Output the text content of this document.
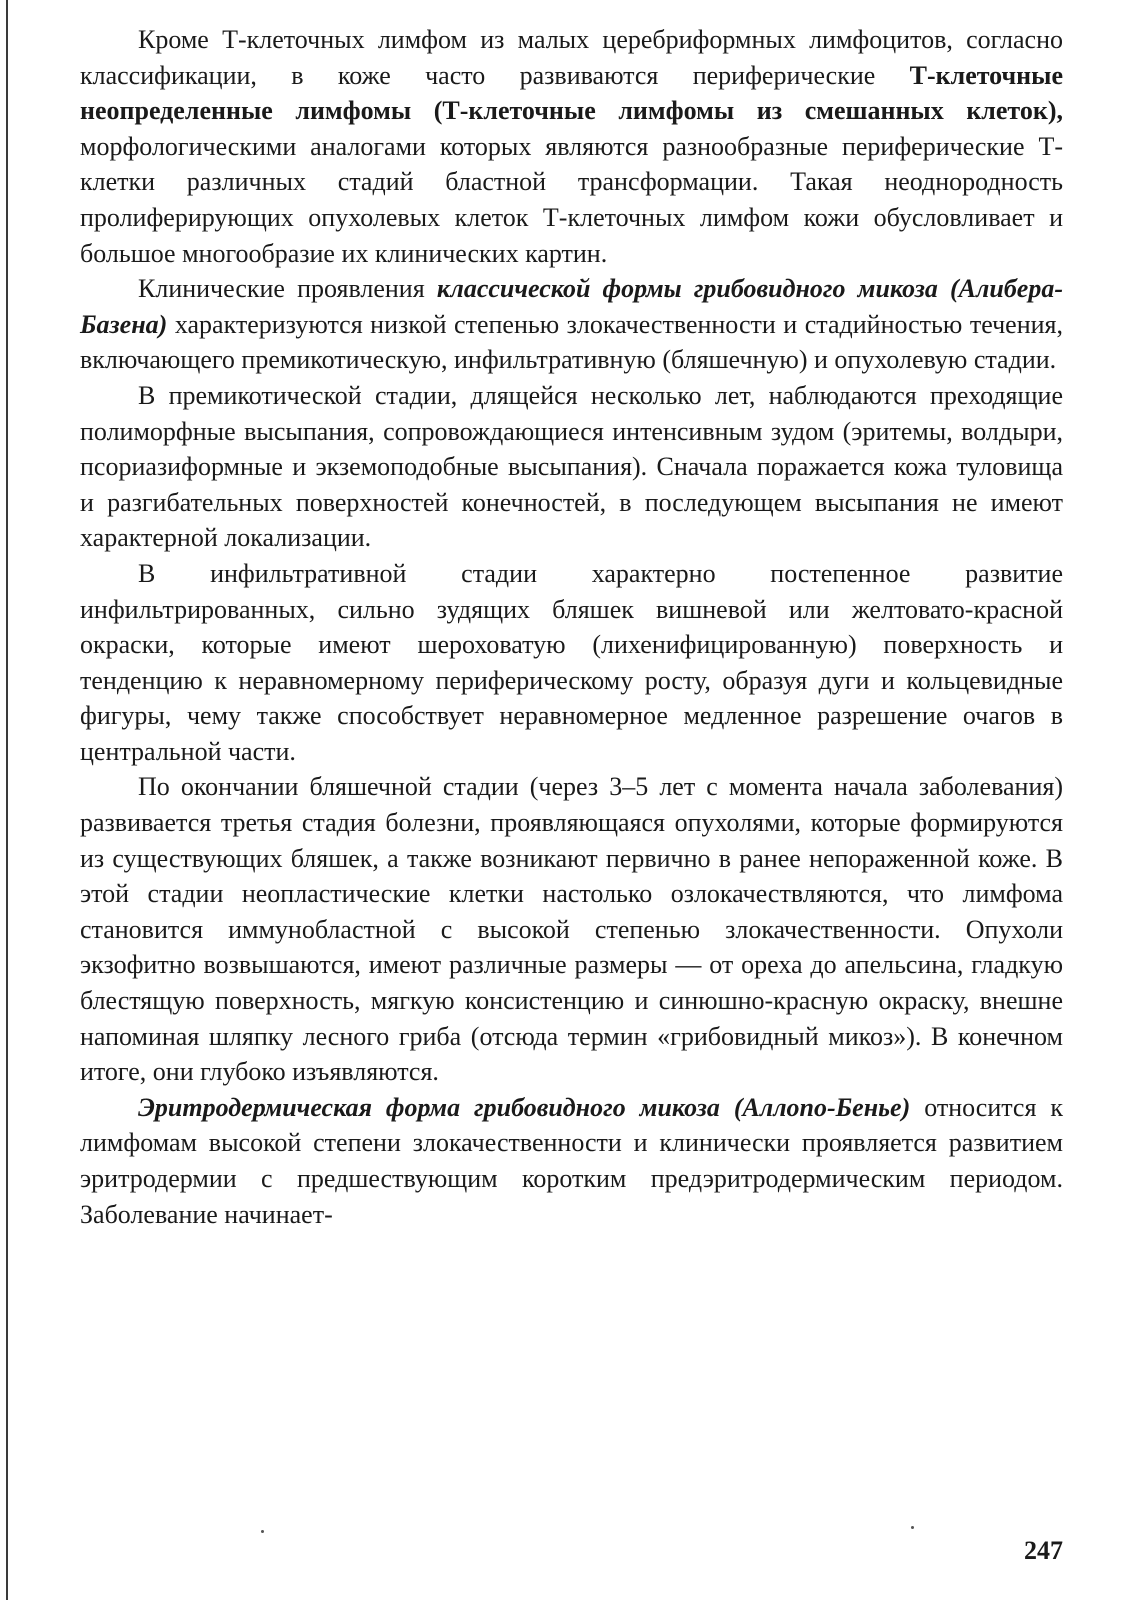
Кроме Т-клеточных лимфом из малых церебриформных лимфоцитов, согласно классификации, в коже часто развиваются периферические Т-клеточные неопределенные лимфомы (Т-клеточные лимфомы из смешанных клеток), морфологическими аналогами которых являются разнообразные периферические Т-клетки различных стадий бластной трансформации. Такая неоднородность пролиферирующих опухолевых клеток Т-клеточных лимфом кожи обусловливает и большое многообразие их клинических картин.

Клинические проявления классической формы грибовидного микоза (Алибера-Базена) характеризуются низкой степенью злокачественности и стадийностью течения, включающего премикотическую, инфильтративную (бляшечную) и опухолевую стадии.

В премикотической стадии, длящейся несколько лет, наблюдаются преходящие полиморфные высыпания, сопровождающиеся интенсивным зудом (эритемы, волдыри, псориазиформные и экземоподобные высыпания). Сначала поражается кожа туловища и разгибательных поверхностей конечностей, в последующем высыпания не имеют характерной локализации.

В инфильтративной стадии характерно постепенное развитие инфильтрированных, сильно зудящих бляшек вишневой или желтовато-красной окраски, которые имеют шероховатую (лихенифицированную) поверхность и тенденцию к неравномерному периферическому росту, образуя дуги и кольцевидные фигуры, чему также способствует неравномерное медленное разрешение очагов в центральной части.

По окончании бляшечной стадии (через 3–5 лет с момента начала заболевания) развивается третья стадия болезни, проявляющаяся опухолями, которые формируются из существующих бляшек, а также возникают первично в ранее непораженной коже. В этой стадии неопластические клетки настолько озлокачествляются, что лимфома становится иммунобластной с высокой степенью злокачественности. Опухоли экзофитно возвышаются, имеют различные размеры — от ореха до апельсина, гладкую блестящую поверхность, мягкую консистенцию и синюшно-красную окраску, внешне напоминая шляпку лесного гриба (отсюда термин «грибовидный микоз»). В конечном итоге, они глубоко изъявляются.

Эритродермическая форма грибовидного микоза (Аллопо-Бенье) относится к лимфомам высокой степени злокачественности и клинически проявляется развитием эритродермии с предшествующим коротким предэритродермическим периодом. Заболевание начинает-

247
